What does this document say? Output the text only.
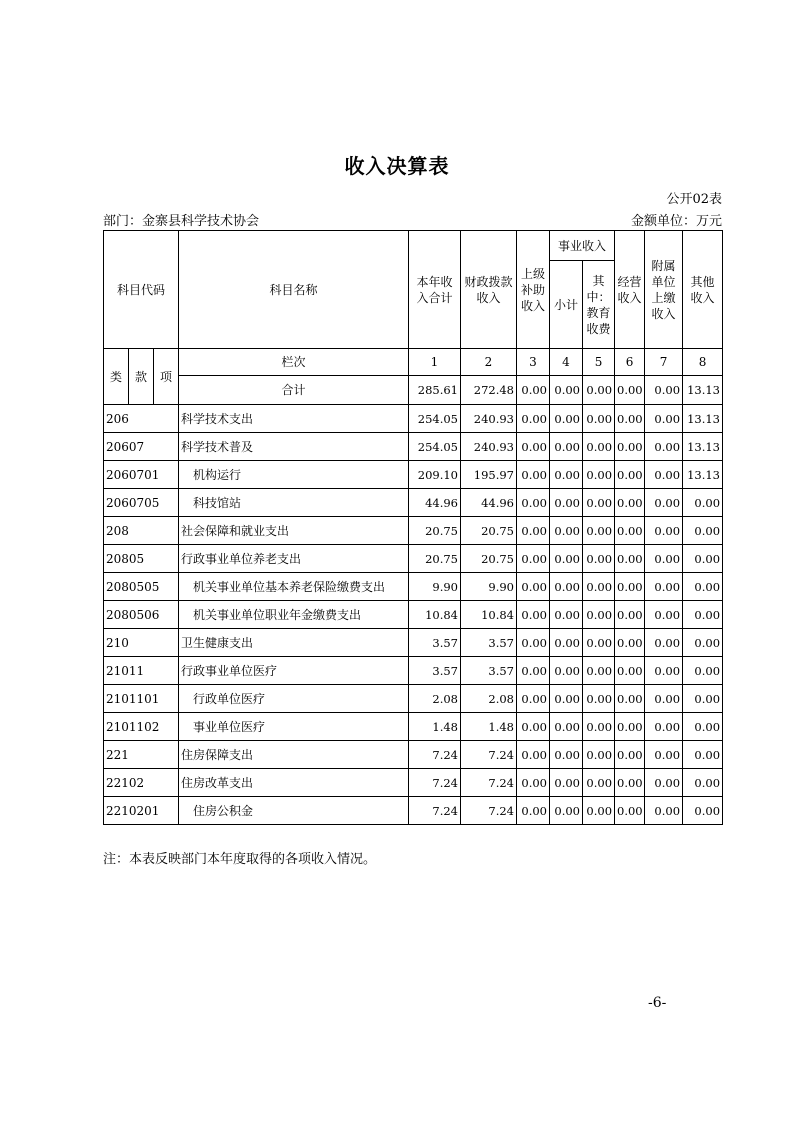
收入决算表
公开02表
部门：金寨县科学技术协会	金额单位：万元
科目代码			科目名称	本年收入合计	财政拨款收入	上级补助收入	事业收入		经营收入	附属单位上缴收入	其他收入
							小计	其中：教育收费			
类	款	项	栏次	1	2	3	4	5	6	7	8
			合计	285.61	272.48	0.00	0.00	0.00	0.00	0.00	13.13
206			科学技术支出	254.05	240.93	0.00	0.00	0.00	0.00	0.00	13.13
20607			科学技术普及	254.05	240.93	0.00	0.00	0.00	0.00	0.00	13.13
2060701			机构运行	209.10	195.97	0.00	0.00	0.00	0.00	0.00	13.13
2060705			科技馆站	44.96	44.96	0.00	0.00	0.00	0.00	0.00	0.00
208			社会保障和就业支出	20.75	20.75	0.00	0.00	0.00	0.00	0.00	0.00
20805			行政事业单位养老支出	20.75	20.75	0.00	0.00	0.00	0.00	0.00	0.00
2080505			机关事业单位基本养老保险缴费支出	9.90	9.90	0.00	0.00	0.00	0.00	0.00	0.00
2080506			机关事业单位职业年金缴费支出	10.84	10.84	0.00	0.00	0.00	0.00	0.00	0.00
210			卫生健康支出	3.57	3.57	0.00	0.00	0.00	0.00	0.00	0.00
21011			行政事业单位医疗	3.57	3.57	0.00	0.00	0.00	0.00	0.00	0.00
2101101			行政单位医疗	2.08	2.08	0.00	0.00	0.00	0.00	0.00	0.00
2101102			事业单位医疗	1.48	1.48	0.00	0.00	0.00	0.00	0.00	0.00
221			住房保障支出	7.24	7.24	0.00	0.00	0.00	0.00	0.00	0.00
22102			住房改革支出	7.24	7.24	0.00	0.00	0.00	0.00	0.00	0.00
2210201			住房公积金	7.24	7.24	0.00	0.00	0.00	0.00	0.00	0.00
注：本表反映部门本年度取得的各项收入情况。
-6-
